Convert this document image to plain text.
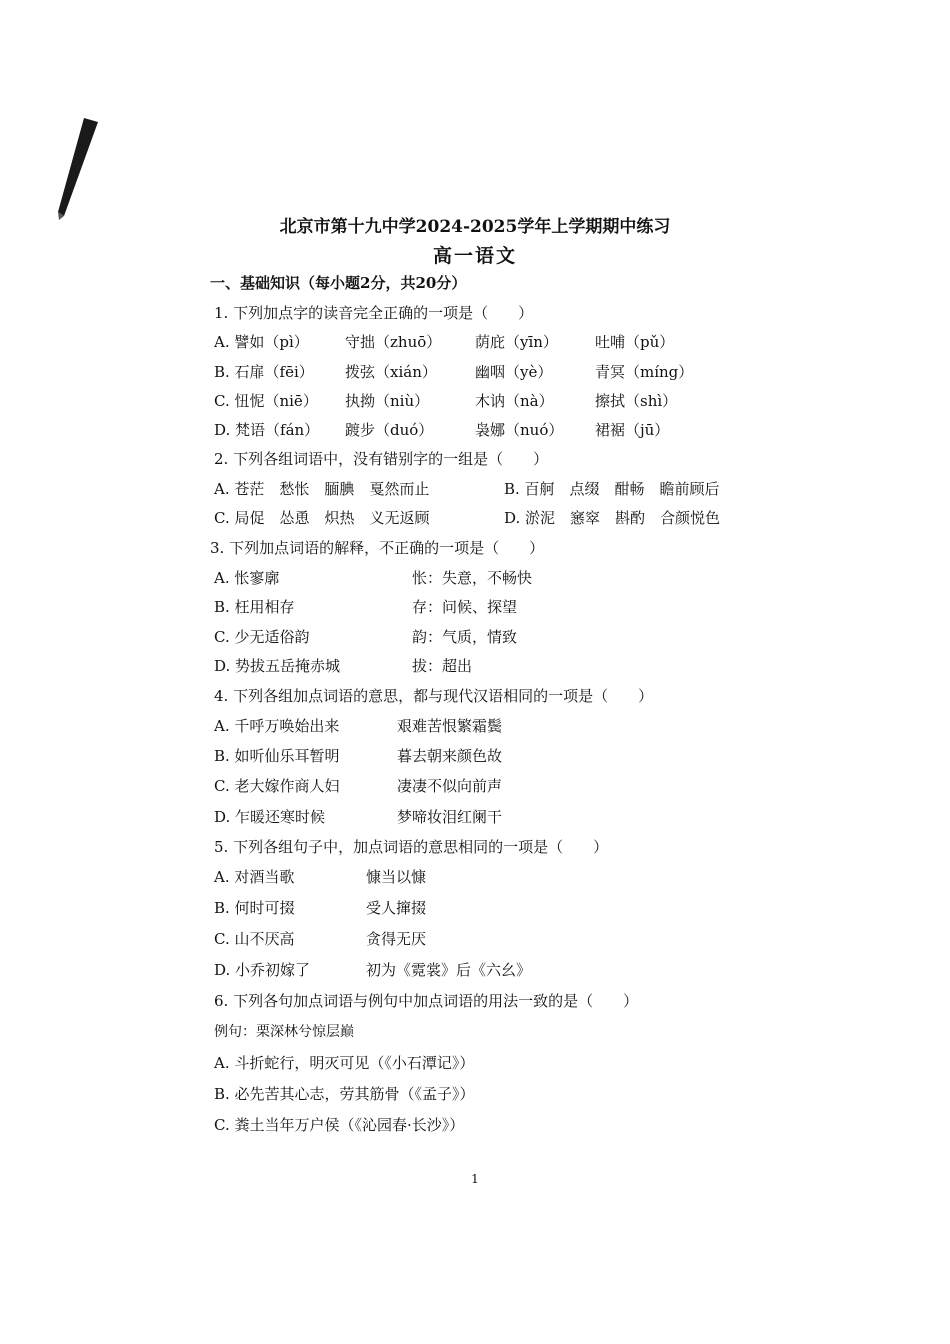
北京市第十九中学2024-2025学年上学期期中练习
高一语文
一、基础知识（每小题2分，共20分）
1. 下列加点字的读音完全正确的一项是（　　）
A. 譬如（pì） 守拙（zhuō） 荫庇（yīn） 吐哺（pǔ）
B. 石扉（fēi） 拨弦（xián）	幽咽（yè）	青冥（míng）
C. 忸怩（niē） 执拗（niù）	木讷（nà）	擦拭（shì）
D. 梵语（fán） 踱步（duó）	袅娜（nuó） 裙裾（jū）
2. 下列各组词语中，没有错别字的一组是（　　）
A. 苍茫　愁怅　腼腆　戛然而止	B. 百舸　点缀　酣畅　瞻前顾后
C. 局促　怂恿　炽热　义无返顾	D. 淤泥　窸窣　斟酌　合颜悦色
3. 下列加点词语的解释，不正确的一项是（　　）
A. 怅寥廓	怅：失意，不畅快
B. 枉用相存	存：问候、探望
C. 少无适俗韵	韵：气质，情致
D. 势拔五岳掩赤城	拔：超出
4. 下列各组加点词语的意思，都与现代汉语相同的一项是（　　）
A. 千呼万唤始出来	艰难苦恨繁霜鬓
B. 如听仙乐耳暂明	暮去朝来颜色故
C. 老大嫁作商人妇	凄凄不似向前声
D. 乍暖还寒时候	梦啼妆泪红阑干
5. 下列各组句子中，加点词语的意思相同的一项是（　　）
A. 对酒当歌	慷当以慷
B. 何时可掇	受人撺掇
C. 山不厌高	贪得无厌
D. 小乔初嫁了	初为《霓裳》后《六幺》
6. 下列各句加点词语与例句中加点词语的用法一致的是（　　）
例句：栗深林兮惊层巅
A. 斗折蛇行，明灭可见（《小石潭记》）
B. 必先苦其心志，劳其筋骨（《孟子》）
C. 粪土当年万户侯（《沁园春·长沙》）
1
